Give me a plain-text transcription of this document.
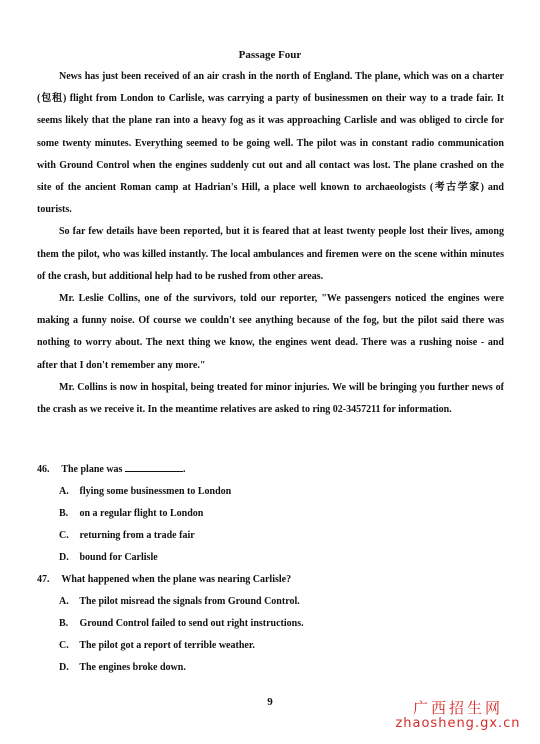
Passage Four

News has just been received of an air crash in the north of England. The plane, which was on a charter (包租) flight from London to Carlisle, was carrying a party of businessmen on their way to a trade fair. It seems likely that the plane ran into a heavy fog as it was approaching Carlisle and was obliged to circle for some twenty minutes. Everything seemed to be going well. The pilot was in constant radio communication with Ground Control when the engines suddenly cut out and all contact was lost. The plane crashed on the site of the ancient Roman camp at Hadrian's Hill, a place well known to archaeologists (考古学家) and tourists.

So far few details have been reported, but it is feared that at least twenty people lost their lives, among them the pilot, who was killed instantly. The local ambulances and firemen were on the scene within minutes of the crash, but additional help had to be rushed from other areas.

Mr. Leslie Collins, one of the survivors, told our reporter, "We passengers noticed the engines were making a funny noise. Of course we couldn't see anything because of the fog, but the pilot said there was nothing to worry about. The next thing we know, the engines went dead. There was a rushing noise - and after that I don't remember any more."

Mr. Collins is now in hospital, being treated for minor injuries. We will be bringing you further news of the crash as we receive it. In the meantime relatives are asked to ring 02-3457211 for information.

46. The plane was	.
A. flying some businessmen to London
B. on a regular flight to London
C. returning from a trade fair
D. bound for Carlisle
47. What happened when the plane was nearing Carlisle?
A. The pilot misread the signals from Ground Control.
B. Ground Control failed to send out right instructions.
C. The pilot got a report of terrible weather.
D. The engines broke down.
9	广西招生网
zhaosheng.gx.cn
